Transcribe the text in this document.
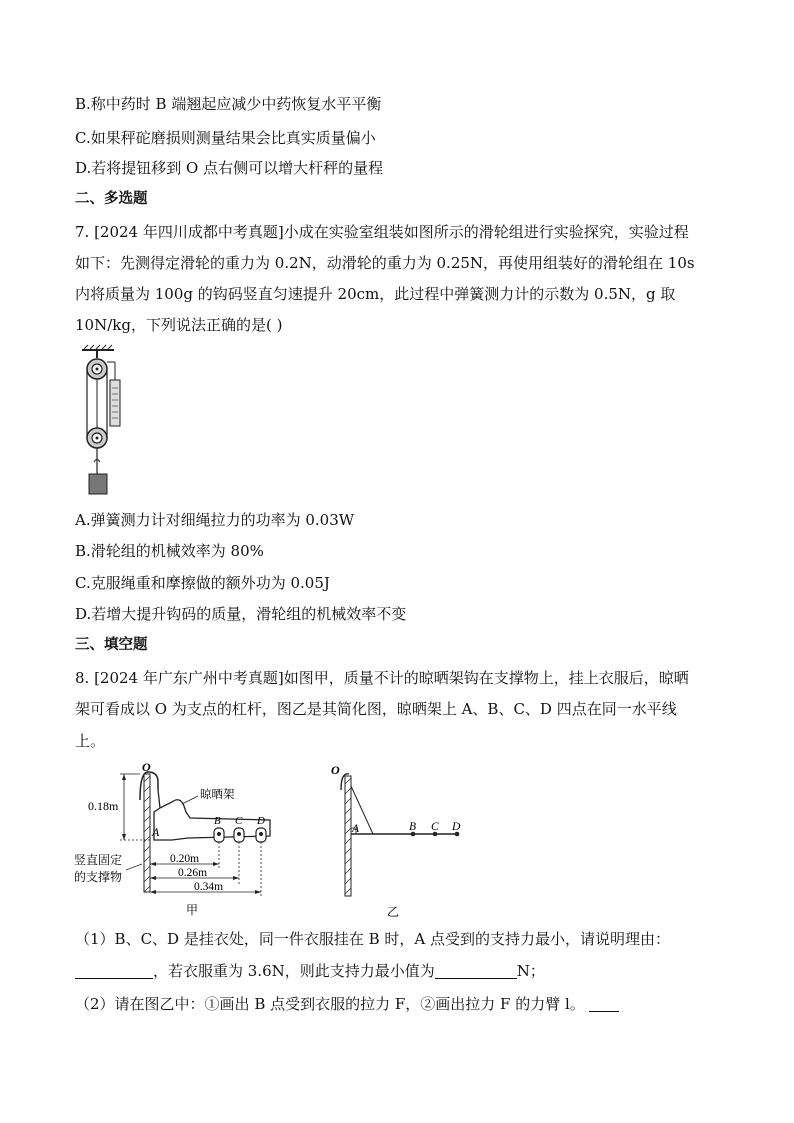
B.称中药时 B 端翘起应减少中药恢复水平平衡
C.如果秤砣磨损则测量结果会比真实质量偏小
D.若将提钮移到 O 点右侧可以增大杆秤的量程
二、多选题
7. [2024 年四川成都中考真题]小成在实验室组装如图所示的滑轮组进行实验探究，实验过程
如下：先测得定滑轮的重力为 0.2N，动滑轮的重力为 0.25N，再使用组装好的滑轮组在 10s
内将质量为 100g 的钩码竖直匀速提升 20cm，此过程中弹簧测力计的示数为 0.5N，g 取
10N/kg，下列说法正确的是( )
A.弹簧测力计对细绳拉力的功率为 0.03W
B.滑轮组的机械效率为 80%
C.克服绳重和摩擦做的额外功为 0.05J
D.若增大提升钩码的质量，滑轮组的机械效率不变
三、填空题
8. [2024 年广东广州中考真题]如图甲，质量不计的晾晒架钩在支撑物上，挂上衣服后，晾晒
架可看成以 O 为支点的杠杆，图乙是其简化图，晾晒架上 A、B、C、D 四点在同一水平线
上。
O
A
B C D
晾晒架
0.18m
竖直固定
的支撑物
0.20m
0.26m
0.34m
甲
O
A	B C D
乙
（1）B、C、D 是挂衣处，同一件衣服挂在 B 时，A 点受到的支持力最小，请说明理由：
，若衣服重为 3.6N，则此支持力最小值为	N；
（2）请在图乙中：①画出 B 点受到衣服的拉力 F，②画出拉力 F 的力臂 l。
